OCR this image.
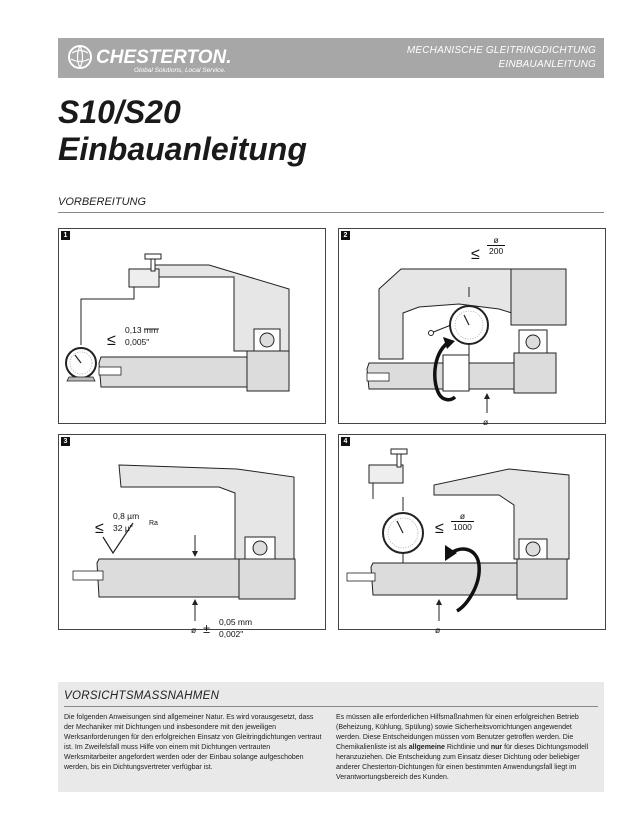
CHESTERTON.
Global Solutions, Local Service.
MECHANISCHE GLEITRINGDICHTUNG
EINBAUANLEITUNG
S10/S20
Einbauanleitung
VORBEREITUNG
1
≤
0,13 mm
0,005"
2
≤ $\frac{ø}{200}$
ø
3
≤
0,8 µm
32 µ" Ra
ø ± 0,05 mm
0,002"
4
≤ $\frac{ø}{1000}$
ø
VORSICHTSMASSNAHMEN
Die folgenden Anweisungen sind allgemeiner Natur. Es wird vorausgesetzt, dass der Mechaniker mit Dichtungen und insbesondere mit den jeweiligen Werksanforderungen für den erfolgreichen Einsatz von Gleitringdichtungen vertraut ist. Im Zweifelsfall muss Hilfe von einem mit Dichtungen vertrauten Werksmitarbeiter angefordert werden oder der Einbau solange aufgeschoben werden, bis ein Dichtungsvertreter verfügbar ist.
Es müssen alle erforderlichen Hilfsmaßnahmen für einen erfolgreichen Betrieb (Beheizung, Kühlung, Spülung) sowie Sicherheitsvorrichtungen angewendet werden. Diese Entscheidungen müssen vom Benutzer getroffen werden. Die Chemikalienliste ist als allgemeine Richtlinie und nur für dieses Dichtungsmodell heranzuziehen. Die Entscheidung zum Einsatz dieser Dichtung oder beliebiger anderer Chesterton-Dichtungen für einen bestimmten Anwendungsfall liegt im Verantwortungsbereich des Kunden.
